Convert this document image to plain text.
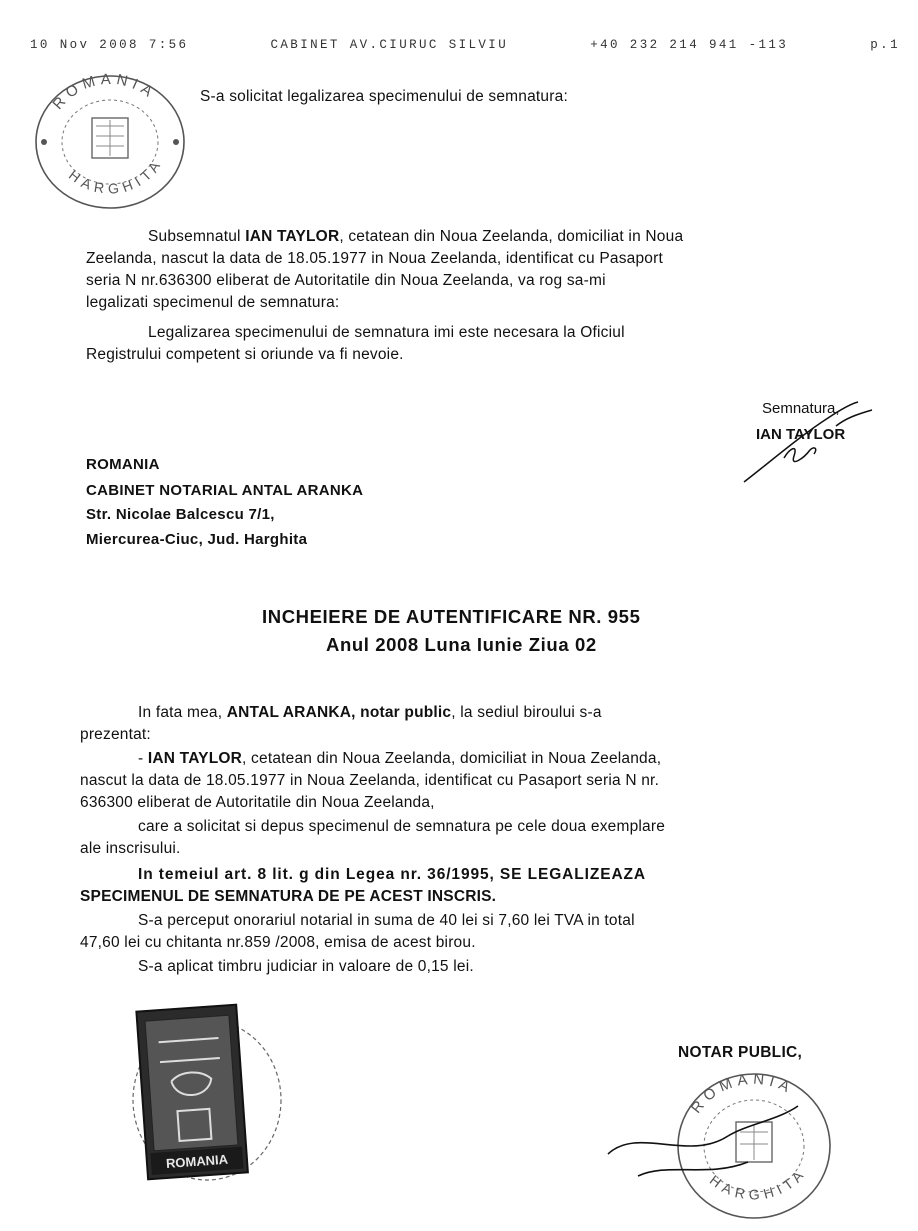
10 Nov 2008 7:56	CABINET AV.CIURUC SILVIU	+40 232 214 941 -113	p.1
ROMANIA
HARGHITA
S-a solicitat legalizarea specimenului de semnatura:
Subsemnatul IAN TAYLOR, cetatean din Noua Zeelanda, domiciliat in Noua
Zeelanda, nascut la data de 18.05.1977 in Noua Zeelanda, identificat cu Pasaport
seria N nr.636300 eliberat de Autoritatile din Noua Zeelanda, va rog sa-mi
legalizati specimenul de semnatura:
Legalizarea specimenului de semnatura imi este necesara la Oficiul
Registrului competent si oriunde va fi nevoie.
Semnatura,
IAN TAYLOR
ROMANIA
CABINET NOTARIAL ANTAL ARANKA
Str. Nicolae Balcescu 7/1,
Miercurea-Ciuc, Jud. Harghita
INCHEIERE DE AUTENTIFICARE NR. 955
Anul 2008 Luna Iunie Ziua 02
In fata mea, ANTAL ARANKA, notar public, la sediul biroului s-a
prezentat:
- IAN TAYLOR, cetatean din Noua Zeelanda, domiciliat in Noua Zeelanda,
nascut la data de 18.05.1977 in Noua Zeelanda, identificat cu Pasaport seria N nr.
636300 eliberat de Autoritatile din Noua Zeelanda,
care a solicitat si depus specimenul de semnatura pe cele doua exemplare
ale inscrisului.
In temeiul art. 8 lit. g din Legea nr. 36/1995, SE LEGALIZEAZA
SPECIMENUL DE SEMNATURA DE PE ACEST INSCRIS.
S-a perceput onorariul notarial in suma de 40 lei si 7,60 lei TVA in total
47,60 lei cu chitanta nr.859 /2008, emisa de acest birou.
S-a aplicat timbru judiciar in valoare de 0,15 lei.
ROMANIA
NOTAR PUBLIC,
ROMANIA
HARGHITA
